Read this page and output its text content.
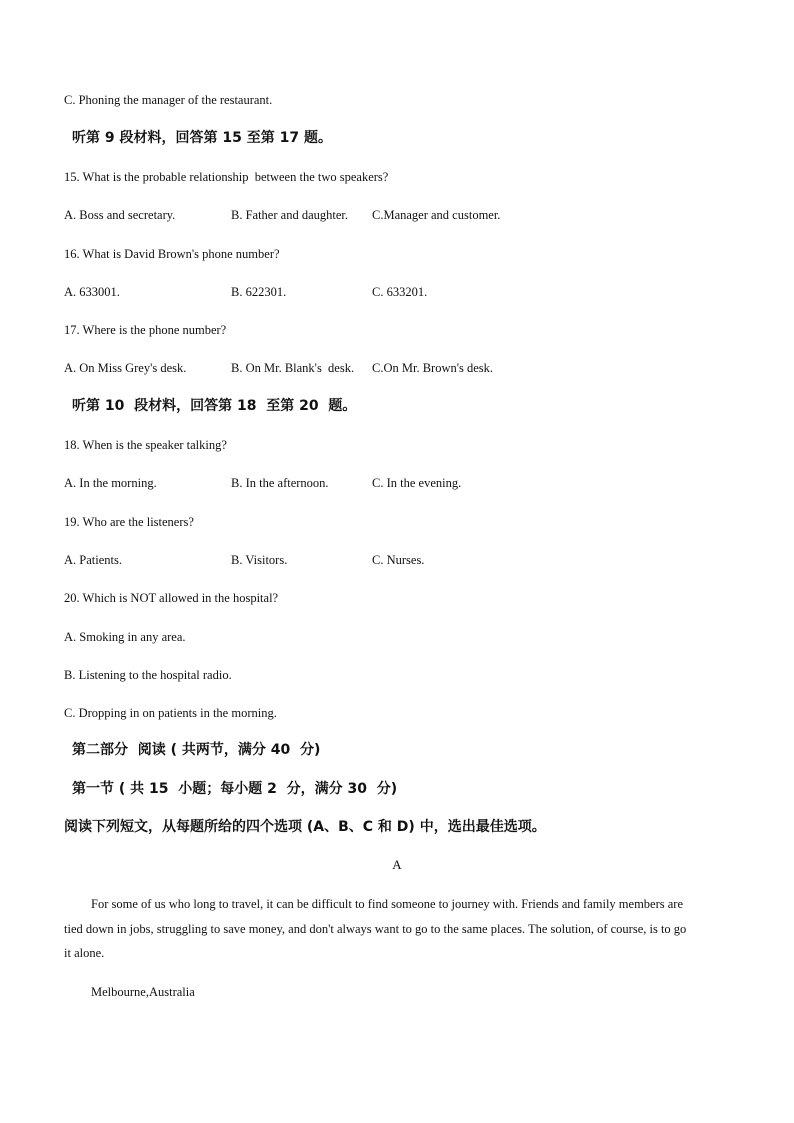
C. Phoning the manager of the restaurant.
听第 9 段材料，回答第 15 至第 17 题。
15. What is the probable relationship  between the two speakers?
A. Boss and secretary.	B. Father and daughter. C.Manager and customer.
16. What is David Brown's phone number?
A. 633001.	B. 622301.	C. 633201.
17. Where is the phone number?
A. On Miss Grey's desk.	B. On Mr. Blank's  desk. C.On Mr. Brown's desk.
听第 10  段材料，回答第 18  至第 20  题。
18. When is the speaker talking?
A. In the morning.	B. In the afternoon.	C. In the evening.
19. Who are the listeners?
A. Patients.	B. Visitors.	C. Nurses.
20. Which is NOT allowed in the hospital?
A. Smoking in any area.
B. Listening to the hospital radio.
C. Dropping in on patients in the morning.
第二部分  阅读 ( 共两节，满分 40  分)
第一节 ( 共 15  小题；每小题 2  分，满分 30  分)
阅读下列短文，从每题所给的四个选项 (A、B、C 和 D) 中，选出最佳选项。
A
For some of us who long to travel, it can be difficult to find someone to journey with. Friends and family members are tied down in jobs, struggling to save money, and don't always want to go to the same places. The solution, of course, is to go it alone.
Melbourne,Australia
